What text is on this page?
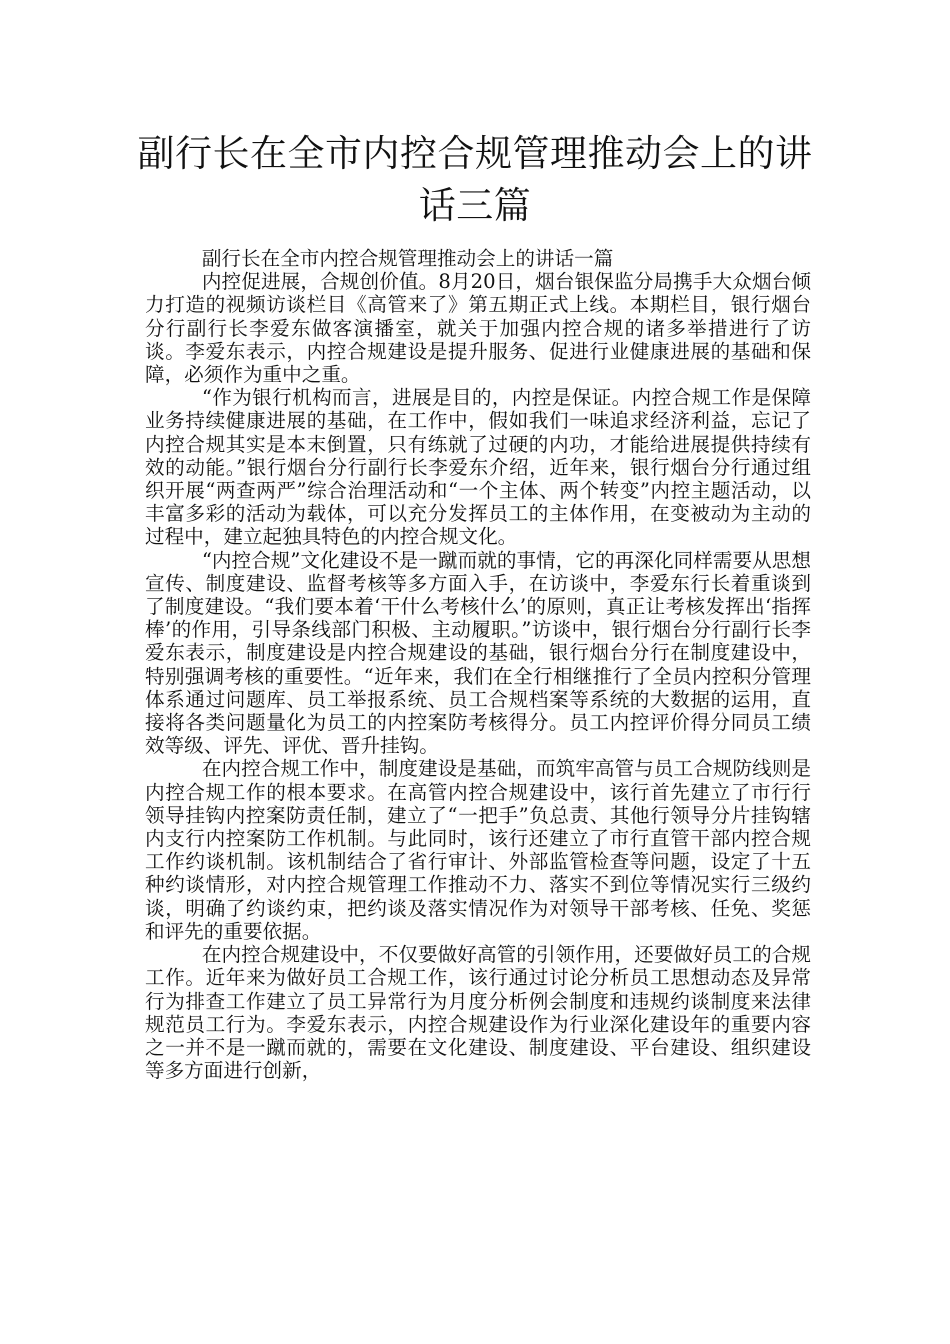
副行长在全市内控合规管理推动会上的讲话三篇

副行长在全市内控合规管理推动会上的讲话一篇

内控促进展，合规创价值。8月20日，烟台银保监分局携手大众烟台倾力打造的视频访谈栏目《高管来了》第五期正式上线。本期栏目，银行烟台分行副行长李爱东做客演播室，就关于加强内控合规的诸多举措进行了访谈。李爱东表示，内控合规建设是提升服务、促进行业健康进展的基础和保障，必须作为重中之重。

“作为银行机构而言，进展是目的，内控是保证。内控合规工作是保障业务持续健康进展的基础，在工作中，假如我们一味追求经济利益，忘记了内控合规其实是本末倒置，只有练就了过硬的内功，才能给进展提供持续有效的动能。”银行烟台分行副行长李爱东介绍，近年来，银行烟台分行通过组织开展“两查两严”综合治理活动和“一个主体、两个转变”内控主题活动，以丰富多彩的活动为载体，可以充分发挥员工的主体作用，在变被动为主动的过程中，建立起独具特色的内控合规文化。

“内控合规”文化建设不是一蹴而就的事情，它的再深化同样需要从思想宣传、制度建设、监督考核等多方面入手，在访谈中，李爱东行长着重谈到了制度建设。“我们要本着‘干什么考核什么’的原则，真正让考核发挥出‘指挥棒’的作用，引导条线部门积极、主动履职。”访谈中，银行烟台分行副行长李爱东表示，制度建设是内控合规建设的基础，银行烟台分行在制度建设中，特别强调考核的重要性。“近年来，我们在全行相继推行了全员内控积分管理体系通过问题库、员工举报系统、员工合规档案等系统的大数据的运用，直接将各类问题量化为员工的内控案防考核得分。员工内控评价得分同员工绩效等级、评先、评优、晋升挂钩。

在内控合规工作中，制度建设是基础，而筑牢高管与员工合规防线则是内控合规工作的根本要求。在高管内控合规建设中，该行首先建立了市行行领导挂钩内控案防责任制，建立了“一把手”负总责、其他行领导分片挂钩辖内支行内控案防工作机制。与此同时，该行还建立了市行直管干部内控合规工作约谈机制。该机制结合了省行审计、外部监管检查等问题，设定了十五种约谈情形，对内控合规管理工作推动不力、落实不到位等情况实行三级约谈，明确了约谈约束，把约谈及落实情况作为对领导干部考核、任免、奖惩和评先的重要依据。

在内控合规建设中，不仅要做好高管的引领作用，还要做好员工的合规工作。近年来为做好员工合规工作，该行通过讨论分析员工思想动态及异常行为排查工作建立了员工异常行为月度分析例会制度和违规约谈制度来法律规范员工行为。李爱东表示，内控合规建设作为行业深化建设年的重要内容之一并不是一蹴而就的，需要在文化建设、制度建设、平台建设、组织建设等多方面进行创新，
